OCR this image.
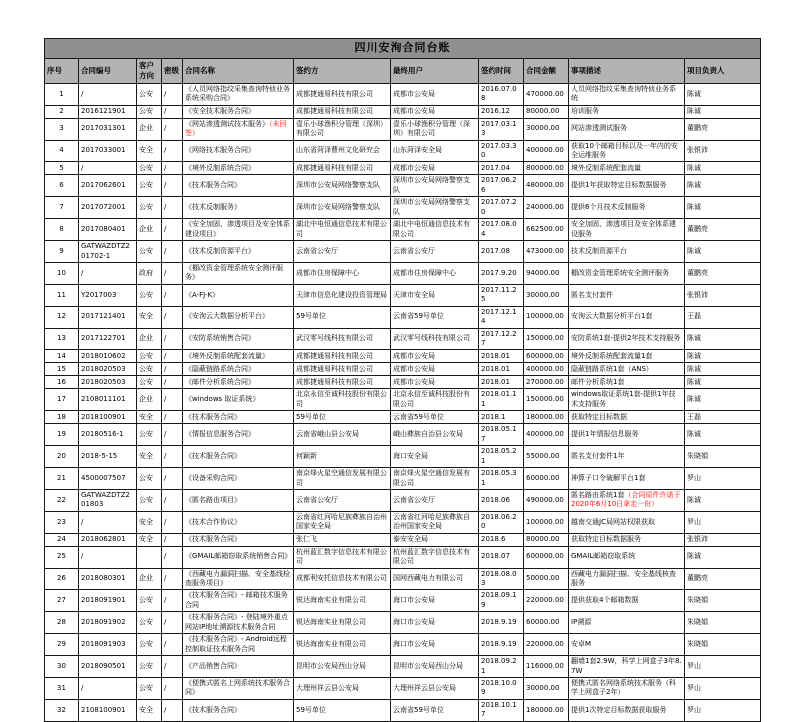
四川安洵合同台账										
序号	合同编号	客户方向	密级	合同名称	签约方	最终用户	签约时间	合同金额	事项描述	项目负责人
1	/	公安	/	《人员网络指纹采集查询特侦业务系统采购合同》	成都捷通易科技有限公司	成都市公安局	2016.07.08	470000.00	人员网络指纹采集查询特侦业务系统	陈诚
2	2016121901	公安	/	《安全技术服务合同》	成都捷通易科技有限公司	成都市公安局	2016.12	80000.00	培训服务	陈诚
3	2017031301	企业	/	《网站渗透测试技术服务》（未回签）	壹乐小球渔积分管理（深圳）有限公司	壹乐小球渔积分管理（深圳）有限公司	2017.03.13	30000.00	网站渗透测试服务	董鹏亮
4	2017033001	安全	/	《网络技术服务合同》	山东省菏泽曹州文化研究会	山东菏泽安全局	2017.03.30	400000.00	获取10个邮箱目标以及一年内的安全运维服务	张银沛
5	/	公安	/	《境外反制系统合同》	成都捷通易科技有限公司	成都市公安局	2017.04	800000.00	境外反制系统配套流量	陈诚
6	2017062601	公安	/	《技术服务合同》	深圳市公安局网络警察支队	深圳市公安局网络警察支队	2017.06.26	480000.00	提供1年获取特定目标数据服务	陈诚
7	2017072001	公安	/	《技术反制服务》	深圳市公安局网络警察支队	深圳市公安局网络警察支队	2017.07.20	240000.00	提供6个月技术反制服务	陈诚
8	2017080401	企业	/	《安全加固、渗透项目及安全体系建设项目》	湖北中电恒通信息技术有限公司	湖北中电恒通信息技术有限公司	2017.08.04	662500.00	安全加固、渗透项目及安全体系建设服务	董鹏亮
9	GATWAZDTZ201702-1	公安	/	《技术反制资源平台》	云南省公安厅	云南省公安厅	2017.08	473000.00	技术反制资源平台	陈诚
10	/	政府	/	《棚改资金管理系统安全测评服务》	成都市住房保障中心	成都市住房保障中心	2017.9.20	94000.00	棚改资金管理系统安全测评服务	董鹏亮
11	Y2017003	公安	/	《A-FJ-K》	天津市信息化建设投资管理局	天津市安全局	2017.11.25	30000.00	匿名支付套件	张银沛
12	2017121401	安全	/	《安洵云大数据分析平台》	59号单位	云南省59号单位	2017.12.14	100000.00	安洵云大数据分析平台1套	王磊
13	2017122701	企业	/	《安防系统销售合同》	武汉零号线科技有限公司	武汉零号线科技有限公司	2017.12.27	150000.00	安防系统1套-提供2年技术支持服务	陈诚
14	2018010602	公安	/	《境外反制系统配套流量》	成都捷通易科技有限公司	成都市公安局	2018.01	600000.00	境外反制系统配套流量1套	陈诚
15	2018020503	公安	/	《隐蔽链路系统合同》	成都捷通易科技有限公司	成都市公安局	2018.01	400000.00	隐蔽链路系统1套（ANS）	陈诚
16	2018020503	公安	/	《邮件分析系统合同》	成都捷通易科技有限公司	成都市公安局	2018.01	270000.00	邮件分析系统1套	陈诚
17	2108011101	企业	/	《windows 取证系统》	北京永信至诚科技股份有限公司	北京永信至诚科技股份有限公司	2018.01.11	150000.00	windows取证系统1套-提供1年技术支持服务	陈诚
18	2018100901	安全	/	《技术服务合同》	59号单位	云南省59号单位	2018.1	180000.00	获取特定目标数据	王磊
19	20180516-1	公安	/	《情报信息服务合同》	云南省峨山县公安局	峨山彝族自治县公安局	2018.05.17	400000.00	提供1年情报信息服务	陈诚
20	2018-5-15	安全	/	《技术服务合同》	何颖新	海口安全局	2018.05.21	55000.00	匿名支付套件1年	朱晓娟
21	4500007507	公安	/	《设备采购合同》	南京烽火星空通信发展有限公司	南京烽火星空通信发展有限公司	2018.05.31	60000.00	神算子口令破解平台1套	罗山
22	GATWAZDTZ201803	公安	/	《匿名路由项目》	云南省公安厅	云南省公安厅	2018.06	490000.00	匿名路由系统1套（合同原件许诺于2020年6月10日拿走一份）	陈诚
23	/	安全	/	《技术合作协议》	云南省红河哈尼族彝族自治州国家安全局	云南省红河哈尼族彝族自治州国家安全局	2018.06.20	100000.00	越南交通JC局网站权限获取	罗山
24	2018062801	安全	/	《技术服务合同》	张仁飞	泰安安全局	2018.6	80000.00	获取特定目标数据服务	张银沛
25	/		/	《GMAIL邮箱窃取系统销售合同》	杭州蓝汇数字信息技术有限公司	杭州蓝汇数字信息技术有限公司	2018.07	600000.00	GMAIL邮箱窃取系统	陈诚
26	2018080301	企业	/	《西藏电力漏洞扫描、安全基线检查服务项目》	成都利安托信息技术有限公司	国网西藏电力有限公司	2018.08.03	50000.00	西藏电力漏洞扫描、安全基线核查服务	董鹏亮
27	2018091901	公安	/	《技术服务合同》- 邮箱技术服务合同	锐达海南实业有限公司	海口市公安局	2018.09.19	220000.00	提供获取4个邮箱数据	朱晓娟
28	2018091902	公安	/	《技术服务合同》- 登陆境外重点网站IP地址溯源技术服务合同	锐达海南实业有限公司	海口市公安局	2018.9.19	60000.00	IP溯源	朱晓娟
29	2018091903	公安	/	《技术服务合同》- Android远程控制取证技术服务合同	锐达海南实业有限公司	海口市公安局	2018.9.19	220000.00	安卓M	朱晓娟
30	2018090501	公安	/	《产品销售合同》	昆明市公安局西山分局	昆明市公安局西山分局	2018.09.21	116000.00	翻墙1套2.9W，科学上网盒子3年8.7W	罗山
31	/	公安	/	《便携式匿名上网系统技术服务合同》	大理州祥云县公安局	大理州祥云县公安局	2018.10.09	30000.00	便携式匿名网络系统技术服务（科学上网盒子2年）	罗山
32	2108100901	安全	/	《技术服务合同》	59号单位	云南省59号单位	2018.10.17	180000.00	提供1次特定目标数据获取服务	罗山
